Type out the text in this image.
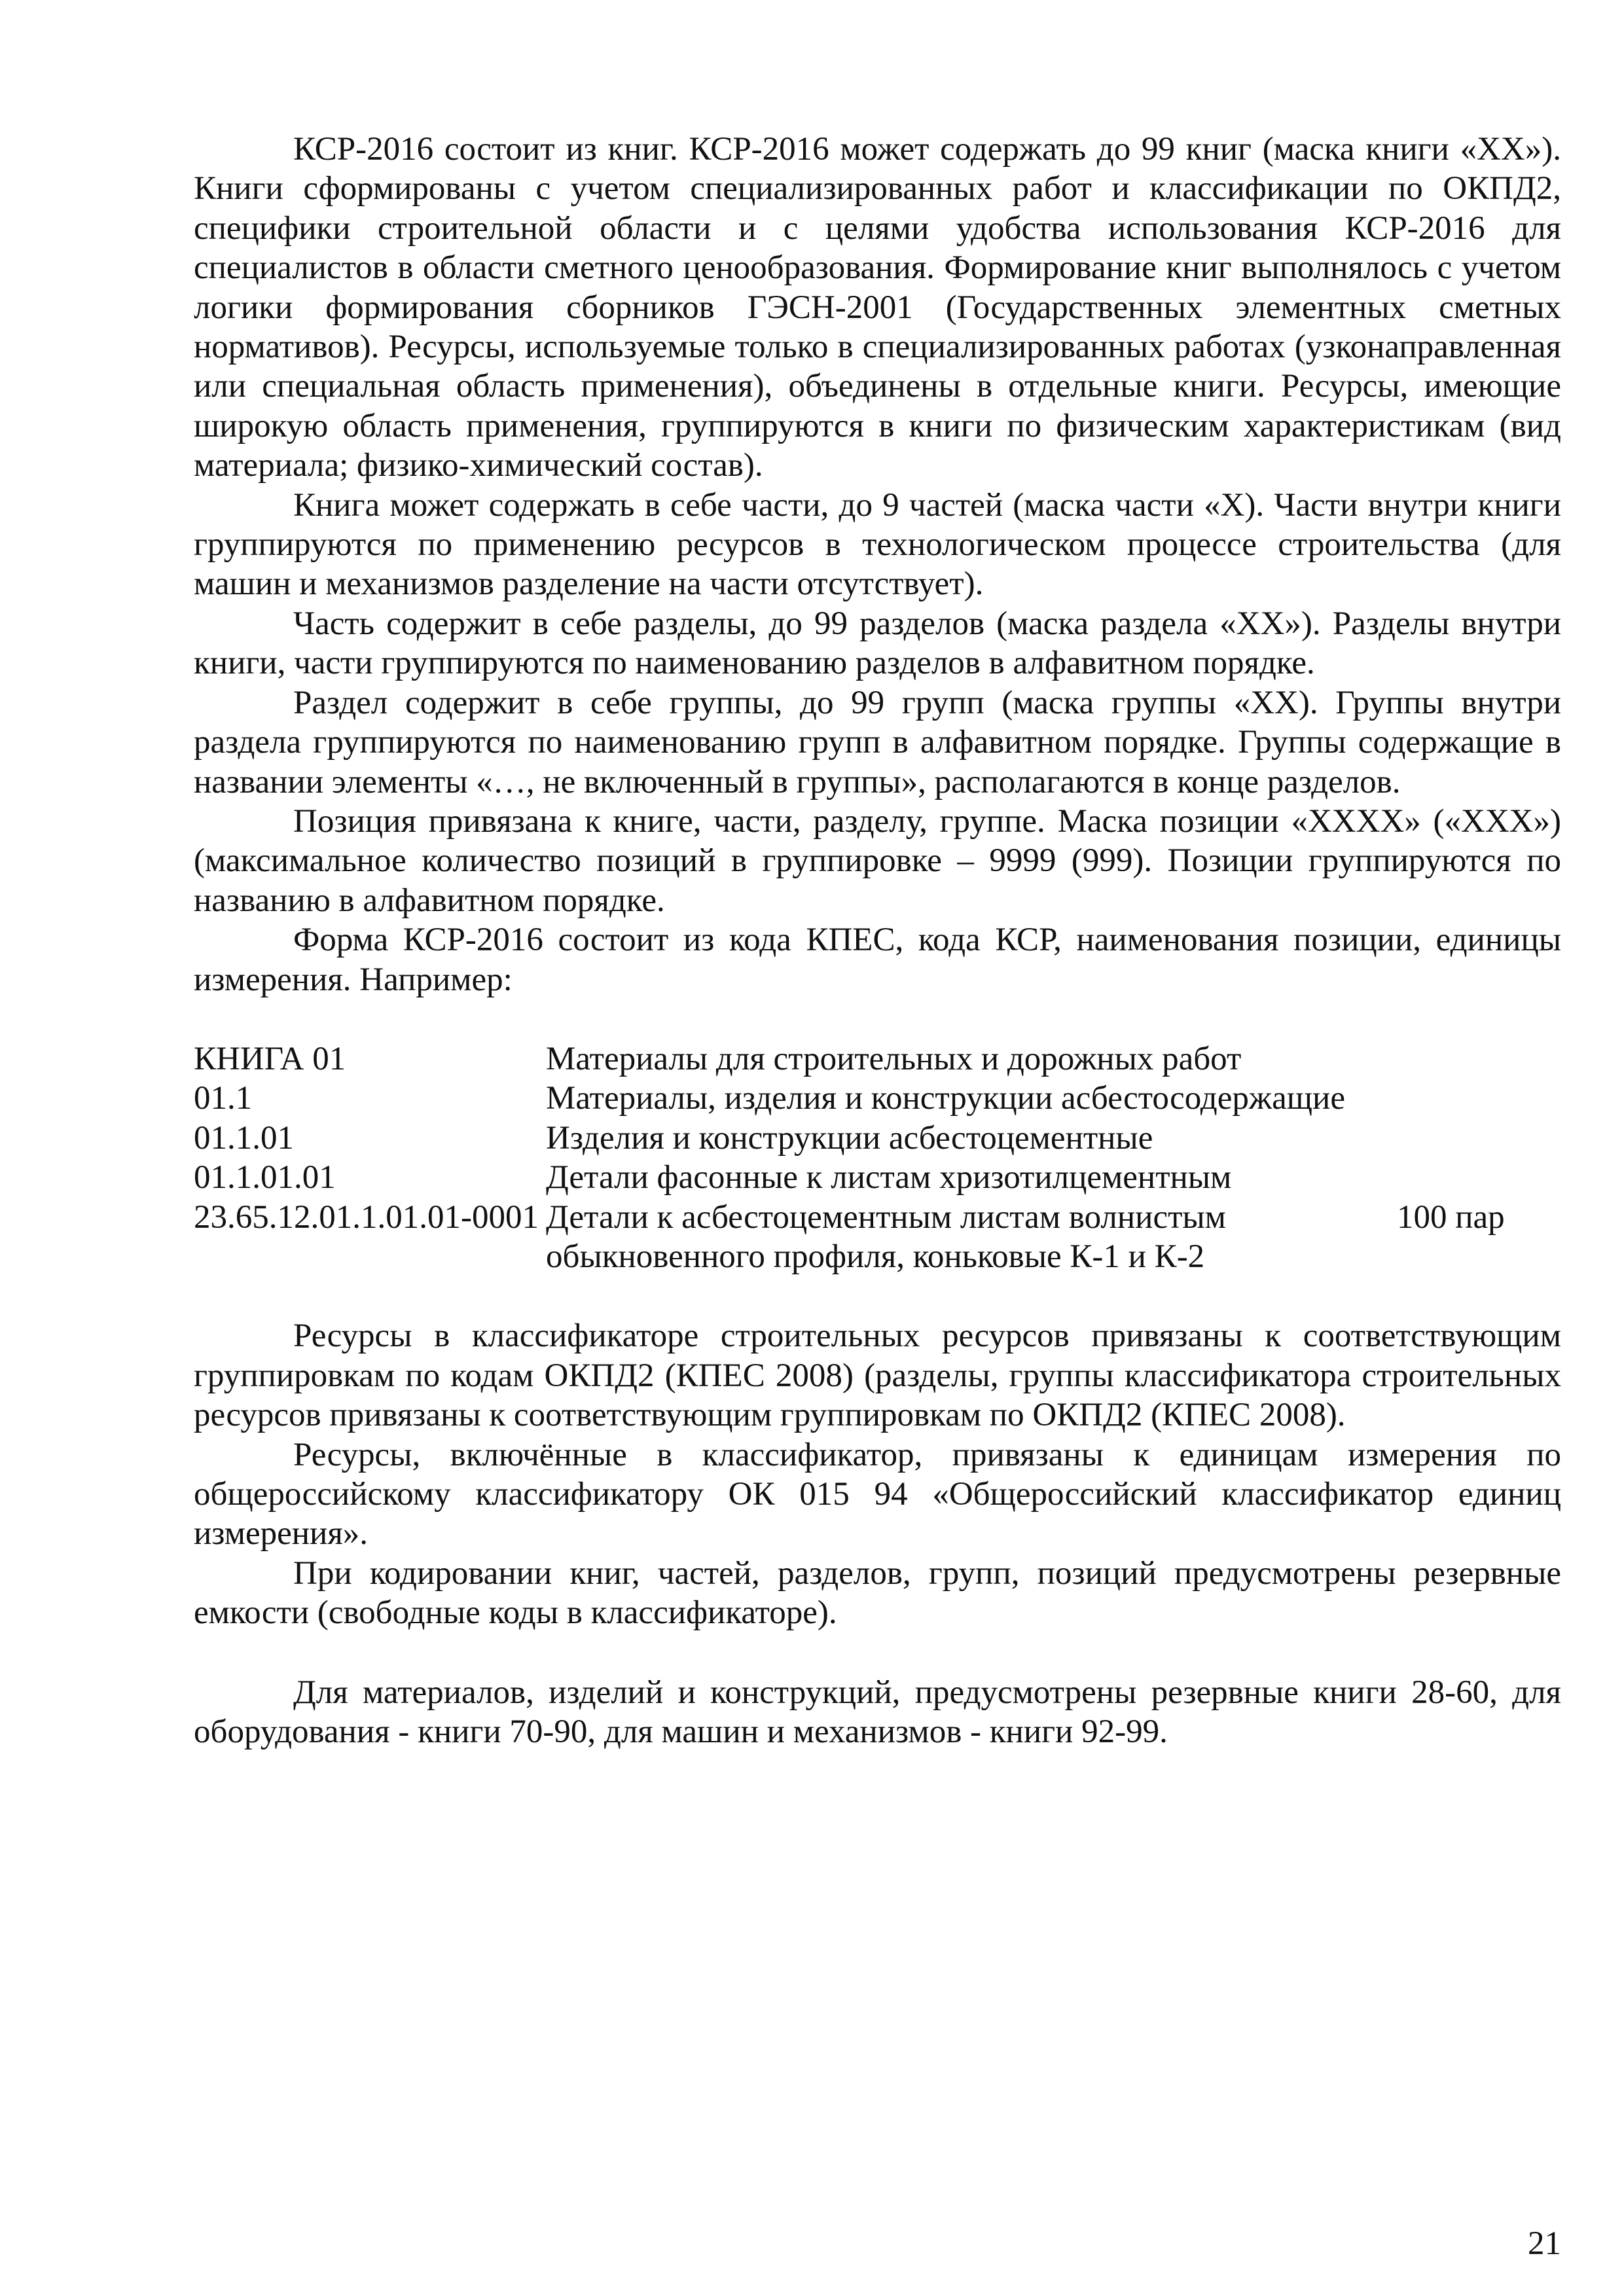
КСР-2016 состоит из книг. КСР-2016 может содержать до 99 книг (маска книги «XX»). Книги сформированы с учетом специализированных работ и классификации по ОКПД2, специфики строительной области и с целями удобства использования КСР-2016 для специалистов в области сметного ценообразования. Формирование книг выполнялось с учетом логики формирования сборников ГЭСН-2001 (Государственных элементных сметных нормативов). Ресурсы, используемые только в специализированных работах (узконаправленная или специальная область применения), объединены в отдельные книги. Ресурсы, имеющие широкую область применения, группируются в книги по физическим характеристикам (вид материала; физико-химический состав).

Книга может содержать в себе части, до 9 частей (маска части «X). Части внутри книги группируются по применению ресурсов в технологическом процессе строительства (для машин и механизмов разделение на части отсутствует).

Часть содержит в себе разделы, до 99 разделов (маска раздела «XX»). Разделы внутри книги, части группируются по наименованию разделов в алфавитном порядке.

Раздел содержит в себе группы, до 99 групп (маска группы «XX). Группы внутри раздела группируются по наименованию групп в алфавитном порядке. Группы содержащие в названии элементы «…, не включенный в группы», располагаются в конце разделов.

Позиция привязана к книге, части, разделу, группе. Маска позиции «XXXX» («XXX») (максимальное количество позиций в группировке – 9999 (999). Позиции группируются по названию в алфавитном порядке.

Форма КСР-2016 состоит из кода КПЕС, кода КСР, наименования позиции, единицы измерения. Например:

КНИГА 01	Материалы для строительных и дорожных работ	
01.1	Материалы, изделия и конструкции асбестосодержащие	
01.1.01	Изделия и конструкции асбестоцементные	
01.1.01.01	Детали фасонные к листам хризотилцементным	
23.65.12.01.1.01.01-0001	Детали к асбестоцементным листам волнистым обыкновенного профиля, коньковые К-1 и К-2	100 пар

Ресурсы в классификаторе строительных ресурсов привязаны к соответствующим группировкам по кодам ОКПД2 (КПЕС 2008) (разделы, группы классификатора строительных ресурсов привязаны к соответствующим группировкам по ОКПД2 (КПЕС 2008).

Ресурсы, включённые в классификатор, привязаны к единицам измерения по общероссийскому классификатору ОК 015 94 «Общероссийский классификатор единиц измерения».

При кодировании книг, частей, разделов, групп, позиций предусмотрены резервные емкости (свободные коды в классификаторе).

Для материалов, изделий и конструкций, предусмотрены резервные книги 28-60, для оборудования - книги 70-90, для машин и механизмов - книги 92-99.

21
